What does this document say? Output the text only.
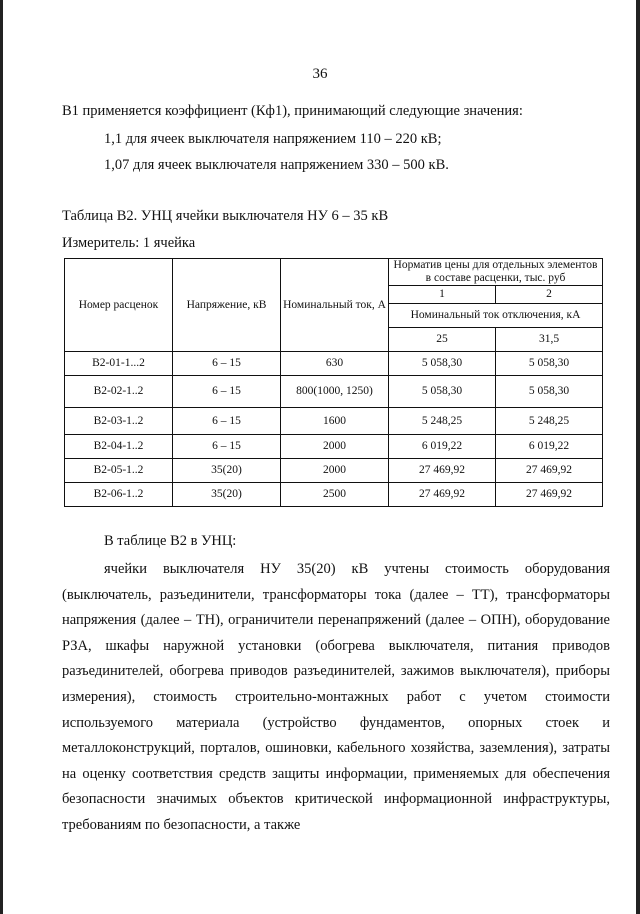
36
В1 применяется коэффициент (Кф1), принимающий следующие значения:
1,1 для ячеек выключателя напряжением 110 – 220 кВ;
1,07 для ячеек выключателя напряжением 330 – 500 кВ.
Таблица В2. УНЦ ячейки выключателя НУ 6 – 35 кВ
Измеритель: 1 ячейка
Номер расценок	Напряжение, кВ	Номинальный ток, А	Норматив цены для отдельных элементов в составе расценки, тыс. руб	
			1	2
			Номинальный ток отключения, кА	
			25	31,5
В2-01-1...2	6 – 15	630	5 058,30	5 058,30
В2-02-1..2	6 – 15	800(1000, 1250)	5 058,30	5 058,30
В2-03-1..2	6 – 15	1600	5 248,25	5 248,25
В2-04-1..2	6 – 15	2000	6 019,22	6 019,22
В2-05-1..2	35(20)	2000	27 469,92	27 469,92
В2-06-1..2	35(20)	2500	27 469,92	27 469,92
В таблице В2 в УНЦ:

ячейки выключателя НУ 35(20) кВ учтены стоимость оборудования (выключатель, разъединители, трансформаторы тока (далее – ТТ), трансформаторы напряжения (далее – ТН), ограничители перенапряжений (далее – ОПН), оборудование РЗА, шкафы наружной установки (обогрева выключателя, питания приводов разъединителей, обогрева приводов разъединителей, зажимов выключателя), приборы измерения), стоимость строительно-монтажных работ с учетом стоимости используемого материала (устройство фундаментов, опорных стоек и металлоконструкций, порталов, ошиновки, кабельного хозяйства, заземления), затраты на оценку соответствия средств защиты информации, применяемых для обеспечения безопасности значимых объектов критической информационной инфраструктуры, требованиям по безопасности, а также
